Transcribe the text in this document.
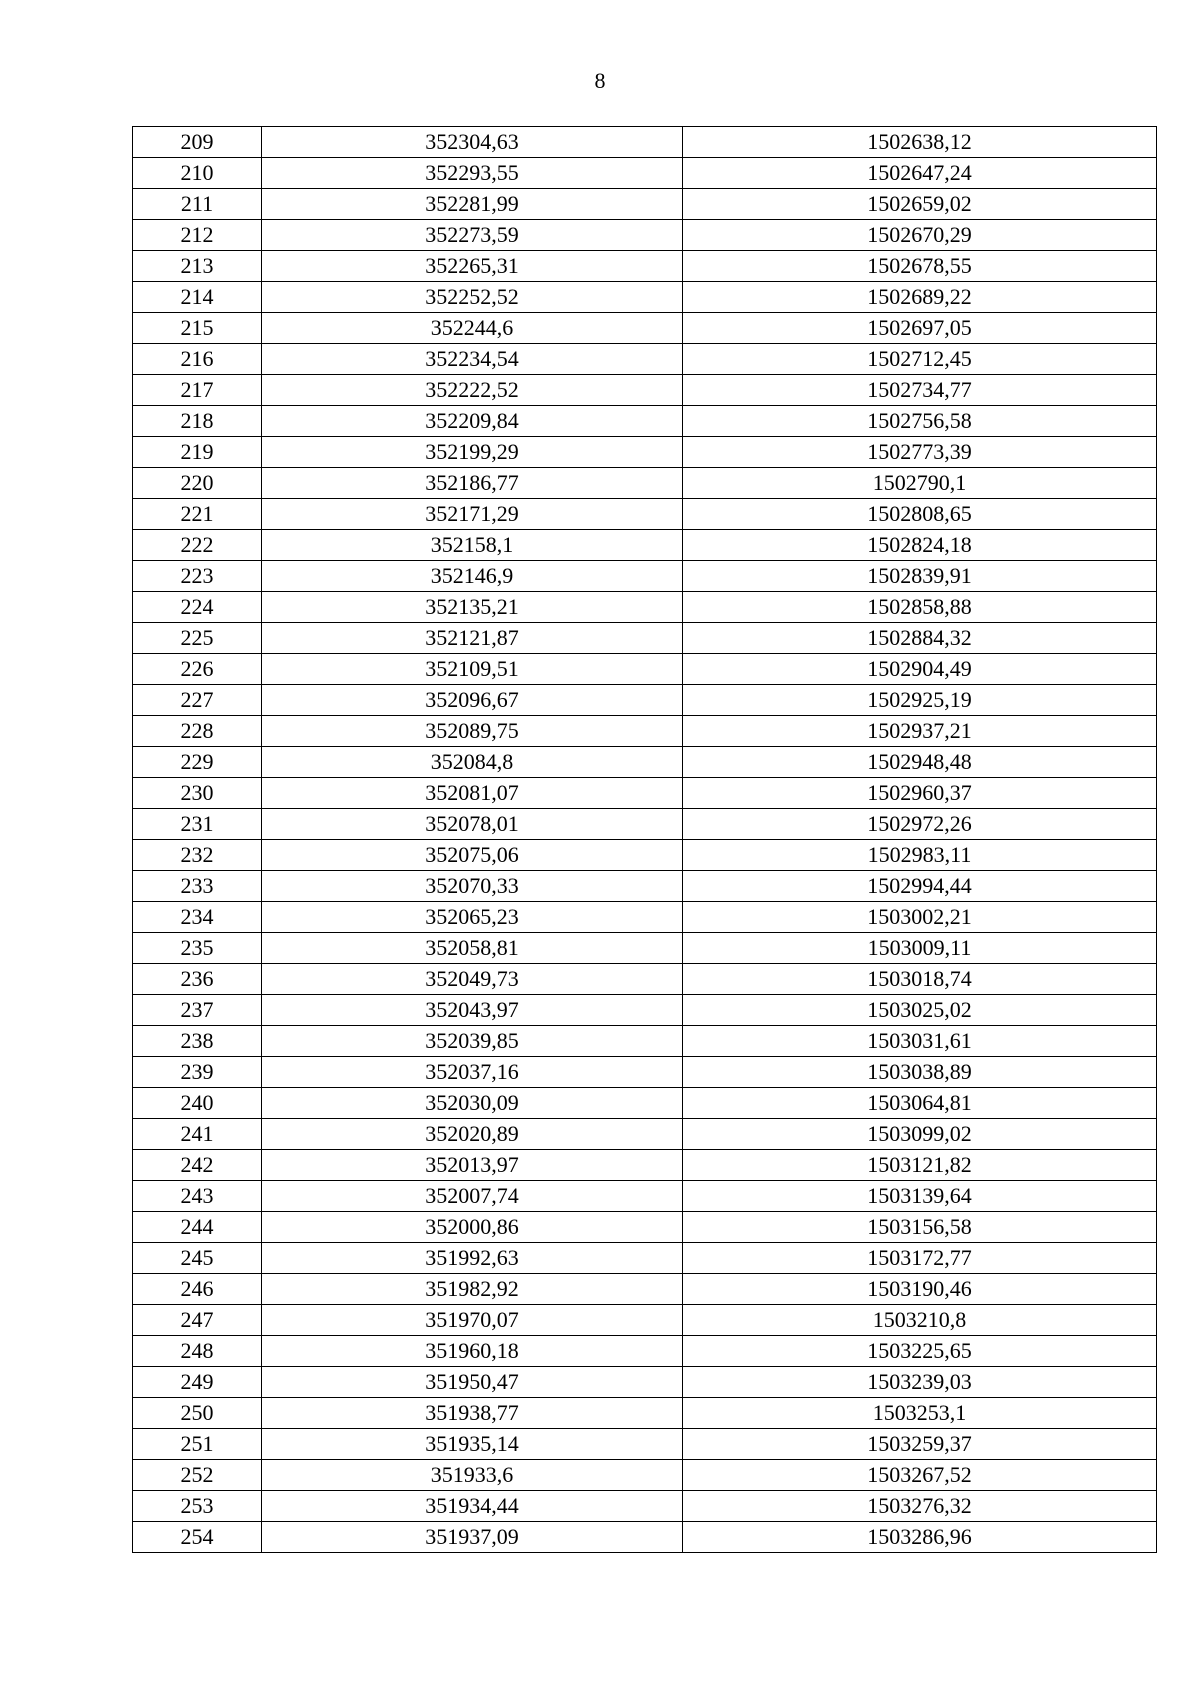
8
209	352304,63	1502638,12
210	352293,55	1502647,24
211	352281,99	1502659,02
212	352273,59	1502670,29
213	352265,31	1502678,55
214	352252,52	1502689,22
215	352244,6	1502697,05
216	352234,54	1502712,45
217	352222,52	1502734,77
218	352209,84	1502756,58
219	352199,29	1502773,39
220	352186,77	1502790,1
221	352171,29	1502808,65
222	352158,1	1502824,18
223	352146,9	1502839,91
224	352135,21	1502858,88
225	352121,87	1502884,32
226	352109,51	1502904,49
227	352096,67	1502925,19
228	352089,75	1502937,21
229	352084,8	1502948,48
230	352081,07	1502960,37
231	352078,01	1502972,26
232	352075,06	1502983,11
233	352070,33	1502994,44
234	352065,23	1503002,21
235	352058,81	1503009,11
236	352049,73	1503018,74
237	352043,97	1503025,02
238	352039,85	1503031,61
239	352037,16	1503038,89
240	352030,09	1503064,81
241	352020,89	1503099,02
242	352013,97	1503121,82
243	352007,74	1503139,64
244	352000,86	1503156,58
245	351992,63	1503172,77
246	351982,92	1503190,46
247	351970,07	1503210,8
248	351960,18	1503225,65
249	351950,47	1503239,03
250	351938,77	1503253,1
251	351935,14	1503259,37
252	351933,6	1503267,52
253	351934,44	1503276,32
254	351937,09	1503286,96
